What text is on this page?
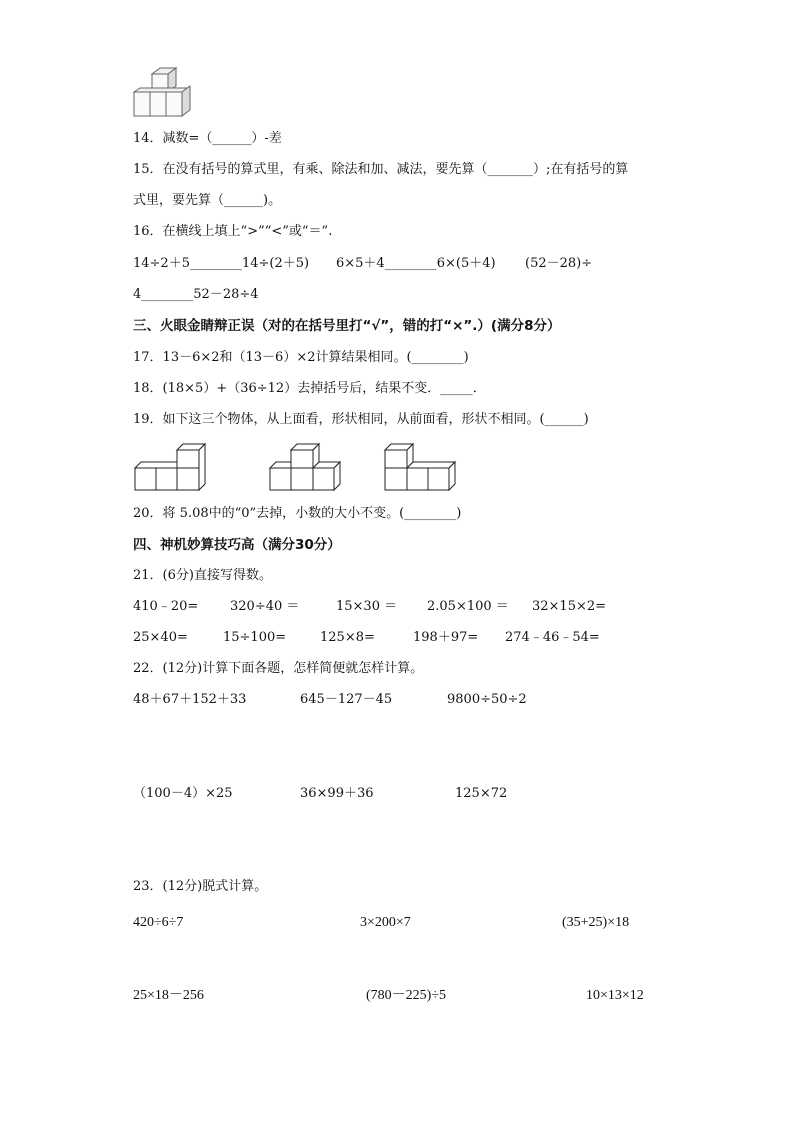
14．减数=（______）-差
15．在没有括号的算式里，有乘、除法和加、减法，要先算（_______）;在有括号的算
式里，要先算（______)。
16．在横线上填上“>”“<”或“＝”.
14÷2＋5________14÷(2＋5) 6×5＋4________6×(5＋4) (52－28)÷
4________52－28÷4
三、火眼金睛辩正误（对的在括号里打“√”，错的打“×”.）(满分8分）
17．13－6×2和（13－6）×2计算结果相同。(________)
18．(18×5）+（36÷12）去掉括号后，结果不变．_____．
19．如下这三个物体，从上面看，形状相同，从前面看，形状不相同。(______)
20．将 5.08中的“0”去掉，小数的大小不变。(________)
四、神机妙算技巧高（满分30分）
21．(6分)直接写得数。
410﹣20= 320÷40 ＝	15×30 ＝ 2.05×100 ＝ 32×15×2=
25×40=	15÷100=	125×8=	198＋97= 274﹣46﹣54=
22．(12分)计算下面各题，怎样简便就怎样计算。
48＋67＋152＋33	645－127－45	9800÷50÷2
（100－4）×25	36×99＋36	125×72
23．(12分)脱式计算。
420÷6÷7	3×200×7	(35+25)×18
25×18－256	(780－225)÷5	10×13×12
